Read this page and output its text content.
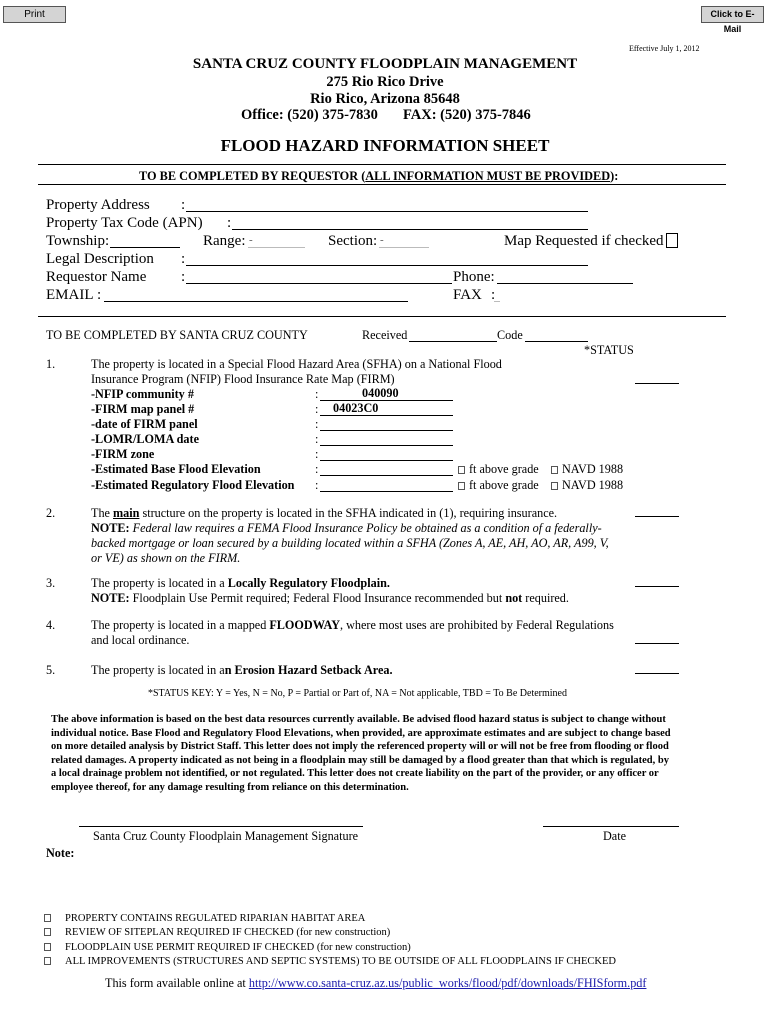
Print	Click to E-Mail
Effective July 1, 2012
SANTA CRUZ COUNTY FLOODPLAIN MANAGEMENT
275 Rio Rico Drive
Rio Rico, Arizona 85648
Office: (520) 375-7830 FAX: (520) 375-7846
FLOOD HAZARD INFORMATION SHEET
TO BE COMPLETED BY REQUESTOR (ALL INFORMATION MUST BE PROVIDED):
Property Address :
Property Tax Code (APN) :
Township:	Range: -	Section: -	Map Requested if checked
Legal Description :
Requestor Name :	Phone:
EMAIL :	FAX :
TO BE COMPLETED BY SANTA CRUZ COUNTY	Received	Code
*STATUS
1.	The property is located in a Special Flood Hazard Area (SFHA) on a National Flood
Insurance Program (NFIP) Flood Insurance Rate Map (FIRM)
-NFIP community #	:	040090
-FIRM map panel #	: 04023C0
-date of FIRM panel	:
-LOMR/LOMA date	:
-FIRM zone	:
-Estimated Base Flood Elevation	:	ft above grade	NAVD 1988
-Estimated Regulatory Flood Elevation :	ft above grade	NAVD 1988
2.	The main structure on the property is located in the SFHA indicated in (1), requiring insurance.
NOTE: Federal law requires a FEMA Flood Insurance Policy be obtained as a condition of a federally-
backed mortgage or loan secured by a building located within a SFHA (Zones A, AE, AH, AO, AR, A99, V,
or VE) as shown on the FIRM.
3.	The property is located in a Locally Regulatory Floodplain.
NOTE: Floodplain Use Permit required; Federal Flood Insurance recommended but not required.
4.	The property is located in a mapped FLOODWAY, where most uses are prohibited by Federal Regulations
and local ordinance.
5.	The property is located in an Erosion Hazard Setback Area.
*STATUS KEY: Y = Yes, N = No, P = Partial or Part of, NA = Not applicable, TBD = To Be Determined
The above information is based on the best data resources currently available. Be advised flood hazard status is subject to change without
individual notice. Base Flood and Regulatory Flood Elevations, when provided, are approximate estimates and are subject to change based
on more detailed analysis by District Staff. This letter does not imply the referenced property will or will not be free from flooding or flood
related damages. A property indicated as not being in a floodplain may still be damaged by a flood greater than that which is regulated, by
a local drainage problem not identified, or not regulated. This letter does not create liability on the part of the provider, or any officer or
employee thereof, for any damage resulting from reliance on this determination.
Santa Cruz County Floodplain Management Signature	Date
Note:
PROPERTY CONTAINS REGULATED RIPARIAN HABITAT AREA
REVIEW OF SITEPLAN REQUIRED IF CHECKED (for new construction)
FLOODPLAIN USE PERMIT REQUIRED IF CHECKED (for new construction)
ALL IMPROVEMENTS (STRUCTURES AND SEPTIC SYSTEMS) TO BE OUTSIDE OF ALL FLOODPLAINS IF CHECKED
This form available online at http://www.co.santa-cruz.az.us/public_works/flood/pdf/downloads/FHISform.pdf
